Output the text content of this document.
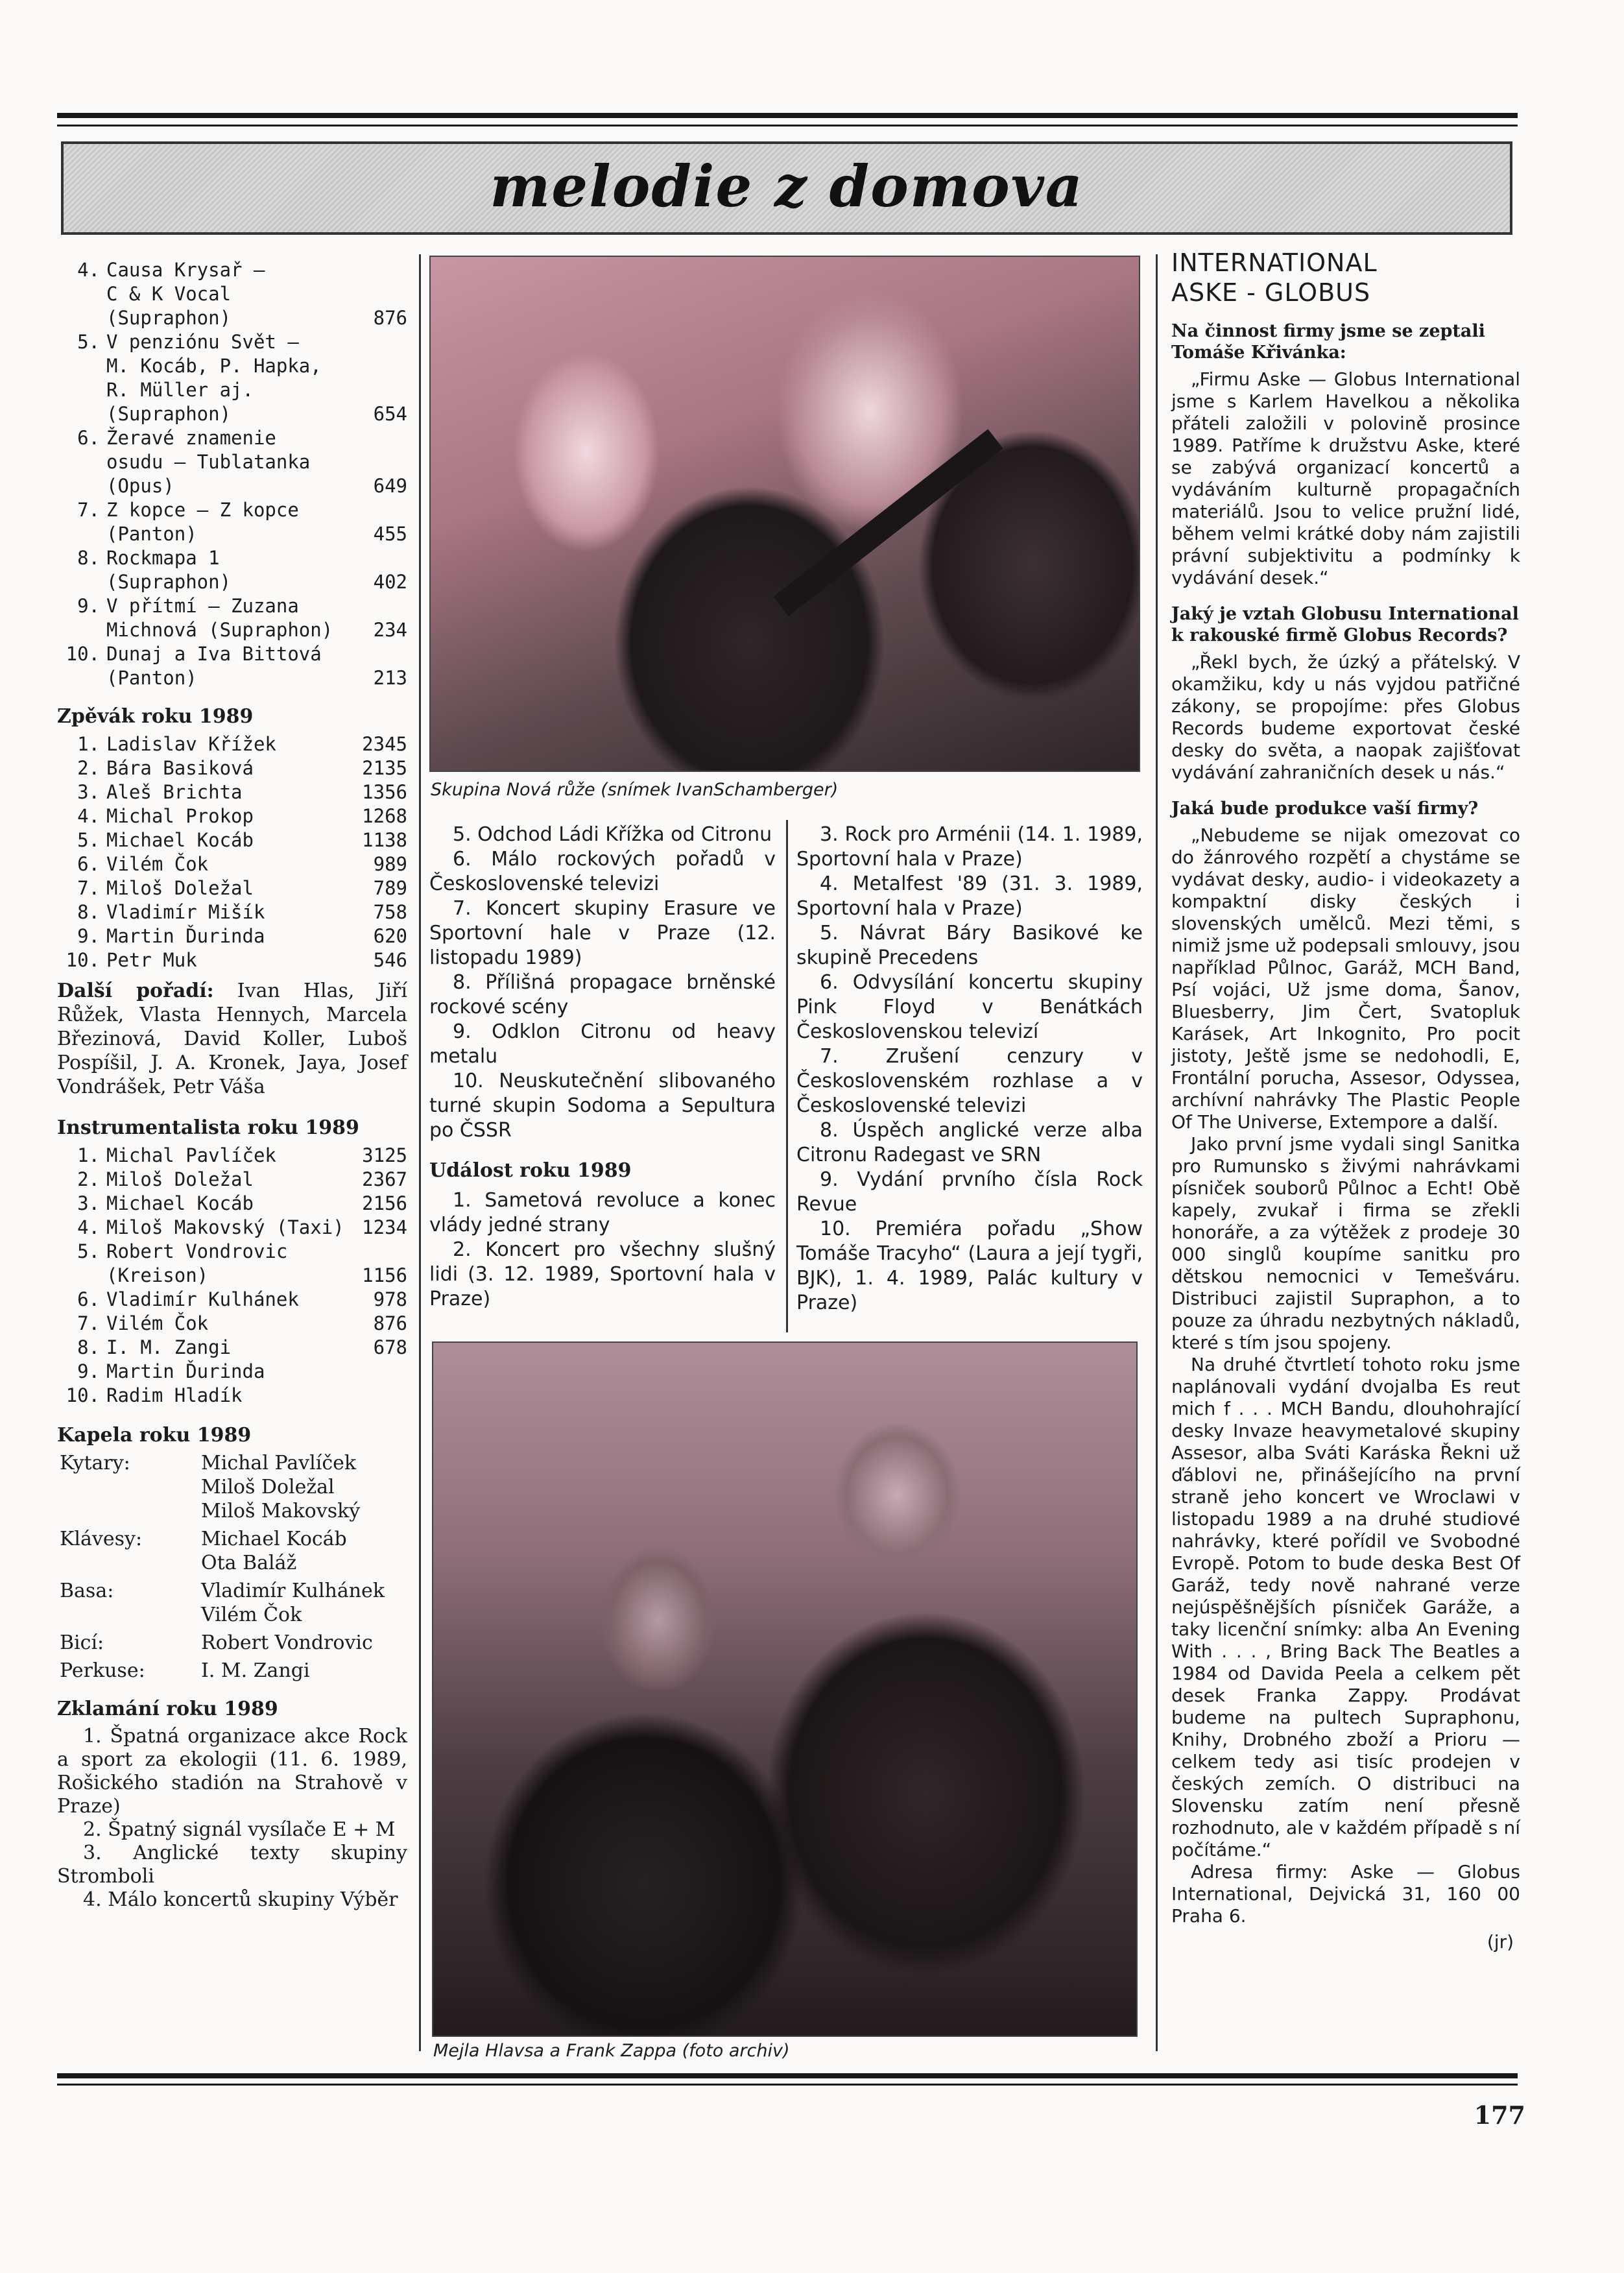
melodie z domova
4. Causa Krysař —
C & K Vocal
(Supraphon)	876
5. V penziónu Svět —
M. Kocáb, P. Hapka,
R. Müller aj.
(Supraphon)	654
6. Žeravé znamenie
osudu — Tublatanka
(Opus)	649
7. Z kopce — Z kopce
(Panton)	455
8. Rockmapa 1
(Supraphon)	402
9. V přítmí — Zuzana
Michnová (Supraphon)	234
10. Dunaj a Iva Bittová
(Panton)	213
Zpěvák roku 1989
1. Ladislav Křížek	2345
2. Bára Basiková	2135
3. Aleš Brichta	1356
4. Michal Prokop	1268
5. Michael Kocáb	1138
6. Vilém Čok	989
7. Miloš Doležal	789
8. Vladimír Mišík	758
9. Martin Ďurinda	620
10. Petr Muk	546
Další pořadí: Ivan Hlas, Jiří Růžek, Vlasta Hennych, Marcela Březinová, David Koller, Luboš Pospíšil, J. A. Kronek, Jaya, Josef Vondrášek, Petr Váša
Instrumentalista roku 1989
1. Michal Pavlíček	3125
2. Miloš Doležal	2367
3. Michael Kocáb	2156
4. Miloš Makovský (Taxi) 1234
5. Robert Vondrovic (Kreison)	1156
6. Vladimír Kulhánek	978
7. Vilém Čok	876
8. I. M. Zangi	678
9. Martin Ďurinda
10. Radim Hladík
Kapela roku 1989
Kytary:	Michal Pavlíček
Miloš Doležal
Miloš Makovský
Klávesy:	Michael Kocáb
Ota Baláž
Basa:	Vladimír Kulhánek
Vilém Čok
Bicí:	Robert Vondrovic
Perkuse:	I. M. Zangi
Zklamání roku 1989

1. Špatná organizace akce Rock a sport za ekologii (11. 6. 1989, Rošického stadión na Strahově v Praze)

2. Špatný signál vysílače E + M

3. Anglické texty skupiny Stromboli

4. Málo koncertů skupiny Výběr

Skupina Nová růže (snímek IvanSchamberger)

5. Odchod Ládi Křížka od Citronu

6. Málo rockových pořadů v Československé televizi

7. Koncert skupiny Erasure ve Sportovní hale v Praze (12. listopadu 1989)

8. Přílišná propagace brněnské rockové scény

9. Odklon Citronu od heavy metalu

10. Neuskutečnění slibovaného turné skupin Sodoma a Sepultura po ČSSR

Událost roku 1989

1. Sametová revoluce a konec vlády jedné strany

2. Koncert pro všechny slušný lidi (3. 12. 1989, Sportovní hala v Praze)

3. Rock pro Arménii (14. 1. 1989, Sportovní hala v Praze)

4. Metalfest '89 (31. 3. 1989, Sportovní hala v Praze)

5. Návrat Báry Basikové ke skupině Precedens

6. Odvysílání koncertu skupiny Pink Floyd v Benátkách Československou televizí

7. Zrušení cenzury v Československém rozhlase a v Československé televizi

8. Úspěch anglické verze alba Citronu Radegast ve SRN

9. Vydání prvního čísla Rock Revue

10. Premiéra pořadu „Show Tomáše Tracyho“ (Laura a její tygři, BJK), 1. 4. 1989, Palác kultury v Praze)

Mejla Hlavsa a Frank Zappa (foto archiv)
INTERNATIONAL
ASKE - GLOBUS
Na činnost firmy jsme se zeptali Tomáše Křivánka:

„Firmu Aske — Globus International jsme s Karlem Havelkou a několika přáteli založili v polovině prosince 1989. Patříme k družstvu Aske, které se zabývá organizací koncertů a vydáváním kulturně propagačních materiálů. Jsou to velice pružní lidé, během velmi krátké doby nám zajistili právní subjektivitu a podmínky k vydávání desek.“

Jaký je vztah Globusu International k rakouské firmě Globus Records?

„Řekl bych, že úzký a přátelský. V okamžiku, kdy u nás vyjdou patřičné zákony, se propojíme: přes Globus Records budeme exportovat české desky do světa, a naopak zajišťovat vydávání zahraničních desek u nás.“

Jaká bude produkce vaší firmy?

„Nebudeme se nijak omezovat co do žánrového rozpětí a chystáme se vydávat desky, audio- i videokazety a kompaktní disky českých i slovenských umělců. Mezi těmi, s nimiž jsme už podepsali smlouvy, jsou například Půlnoc, Garáž, MCH Band, Psí vojáci, Už jsme doma, Šanov, Bluesberry, Jim Čert, Svatopluk Karásek, Art Inkognito, Pro pocit jistoty, Ještě jsme se nedohodli, E, Frontální porucha, Assesor, Odyssea, archívní nahrávky The Plastic People Of The Universe, Extempore a další.

Jako první jsme vydali singl Sanitka pro Rumunsko s živými nahrávkami písniček souborů Půlnoc a Echt! Obě kapely, zvukař i firma se zřekli honoráře, a za výtěžek z prodeje 30 000 singlů koupíme sanitku pro dětskou nemocnici v Temešváru. Distribuci zajistil Supraphon, a to pouze za úhradu nezbytných nákladů, které s tím jsou spojeny.

Na druhé čtvrtletí tohoto roku jsme naplánovali vydání dvojalba Es reut mich f . . . MCH Bandu, dlouhohrající desky Invaze heavymetalové skupiny Assesor, alba Sváti Karáska Řekni už ďáblovi ne, přinášejícího na první straně jeho koncert ve Wroclawi v listopadu 1989 a na druhé studiové nahrávky, které pořídil ve Svobodné Evropě. Potom to bude deska Best Of Garáž, tedy nově nahrané verze nejúspěšnějších písniček Garáže, a taky licenční snímky: alba An Evening With . . . , Bring Back The Beatles a 1984 od Davida Peela a celkem pět desek Franka Zappy. Prodávat budeme na pultech Supraphonu, Knihy, Drobného zboží a Prioru — celkem tedy asi tisíc prodejen v českých zemích. O distribuci na Slovensku zatím není přesně rozhodnuto, ale v každém případě s ní počítáme.“

Adresa firmy: Aske — Globus International, Dejvická 31, 160 00 Praha 6.

(jr)
177
